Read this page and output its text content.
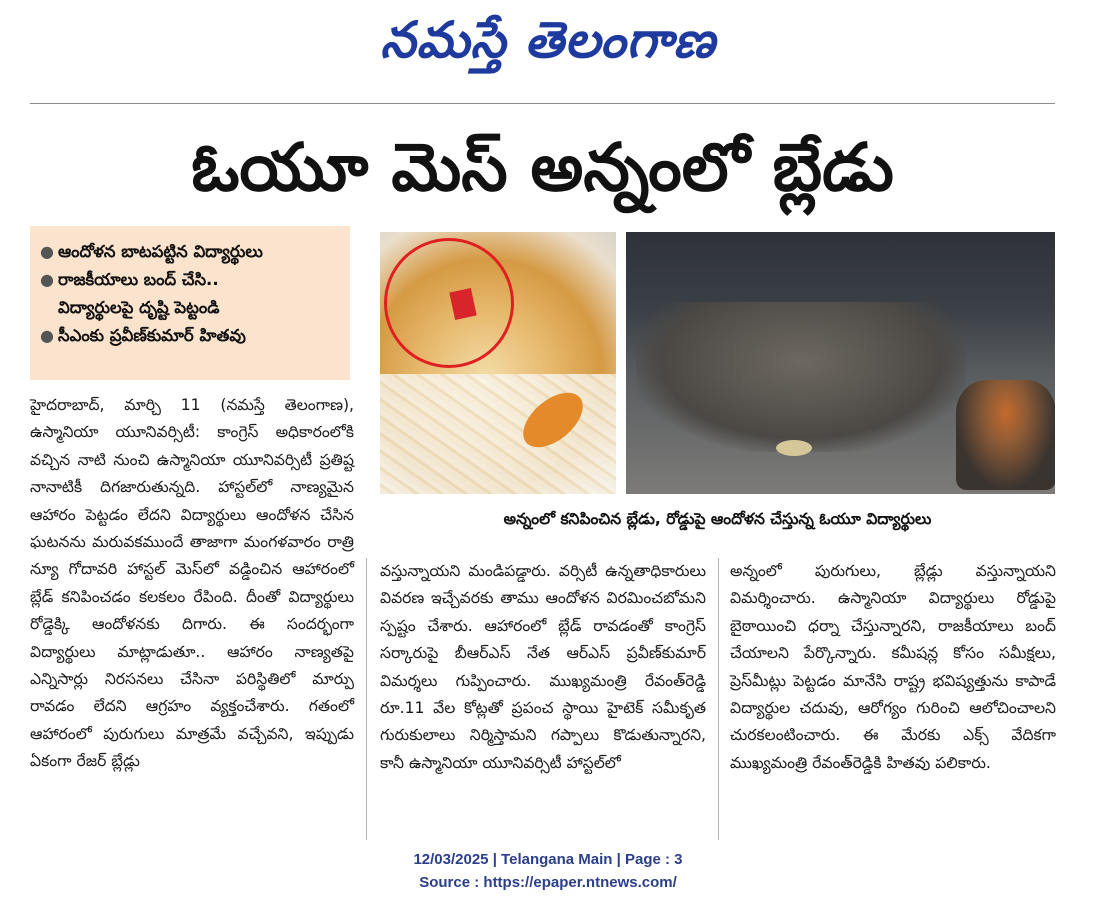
నమస్తే తెలంగాణ
ఓయూ మెస్ అన్నంలో బ్లేడు
● ఆందోళన బాటపట్టిన విద్యార్థులు
● రాజకీయాలు బంద్ చేసి..
విద్యార్థులపై దృష్టి పెట్టండి
● సీఎంకు ప్రవీణ్‌కుమార్ హితవు
అన్నంలో కనిపించిన బ్లేడు, రోడ్డుపై ఆందోళన చేస్తున్న ఓయూ విద్యార్థులు

హైదరాబాద్, మార్చి 11 (నమస్తే తెలంగాణ), ఉస్మానియా యూనివర్సిటీ: కాంగ్రెస్ అధికారంలోకి వచ్చిన నాటి నుంచి ఉస్మానియా యూనివర్సిటీ ప్రతిష్ట నానాటికీ దిగజారుతున్నది. హాస్టల్‌లో నాణ్యమైన ఆహారం పెట్టడం లేదని విద్యార్థులు ఆందోళన చేసిన ఘటనను మరువకముందే తాజాగా మంగళవారం రాత్రి న్యూ గోదావరి హాస్టల్ మెస్‌లో వడ్డించిన ఆహారంలో బ్లేడ్ కనిపించడం కలకలం రేపింది. దీంతో విద్యార్థులు రోడ్డెక్కి ఆందోళనకు దిగారు. ఈ సందర్భంగా విద్యార్థులు మాట్లాడుతూ.. ఆహారం నాణ్యతపై ఎన్నిసార్లు నిరసనలు చేసినా పరిస్థితిలో మార్పు రావడం లేదని ఆగ్రహం వ్యక్తంచేశారు. గతంలో ఆహారంలో పురుగులు మాత్రమే వచ్చేవని, ఇప్పుడు ఏకంగా రేజర్ బ్లేడ్లు

వస్తున్నాయని మండిపడ్డారు. వర్సిటీ ఉన్నతాధికారులు వివరణ ఇచ్చేవరకు తాము ఆందోళన విరమించబోమని స్పష్టం చేశారు. ఆహారంలో బ్లేడ్ రావడంతో కాంగ్రెస్ సర్కారుపై బీఆర్‌ఎస్ నేత ఆర్‌ఎస్ ప్రవీణ్‌కుమార్ విమర్శలు గుప్పించారు. ముఖ్యమంత్రి రేవంత్‌రెడ్డి రూ.11 వేల కోట్లతో ప్రపంచ స్థాయి హైటెక్ సమీకృత గురుకులాలు నిర్మిస్తామని గప్పాలు కొడుతున్నారని, కానీ ఉస్మానియా యూనివర్సిటీ హాస్టల్‌లో

అన్నంలో పురుగులు, బ్లేడ్లు వస్తున్నాయని విమర్శించారు. ఉస్మానియా విద్యార్థులు రోడ్డుపై బైఠాయించి ధర్నా చేస్తున్నారని, రాజకీయాలు బంద్ చేయాలని పేర్కొన్నారు. కమీషన్ల కోసం సమీక్షలు, ప్రెస్‌మీట్లు పెట్టడం మానేసి రాష్ట్ర భవిష్యత్తును కాపాడే విద్యార్థుల చదువు, ఆరోగ్యం గురించి ఆలోచించాలని చురకలంటించారు. ఈ మేరకు ఎక్స్ వేదికగా ముఖ్యమంత్రి రేవంత్‌రెడ్డికి హితవు పలికారు.

12/03/2025 | Telangana Main | Page : 3
Source : https://epaper.ntnews.com/
